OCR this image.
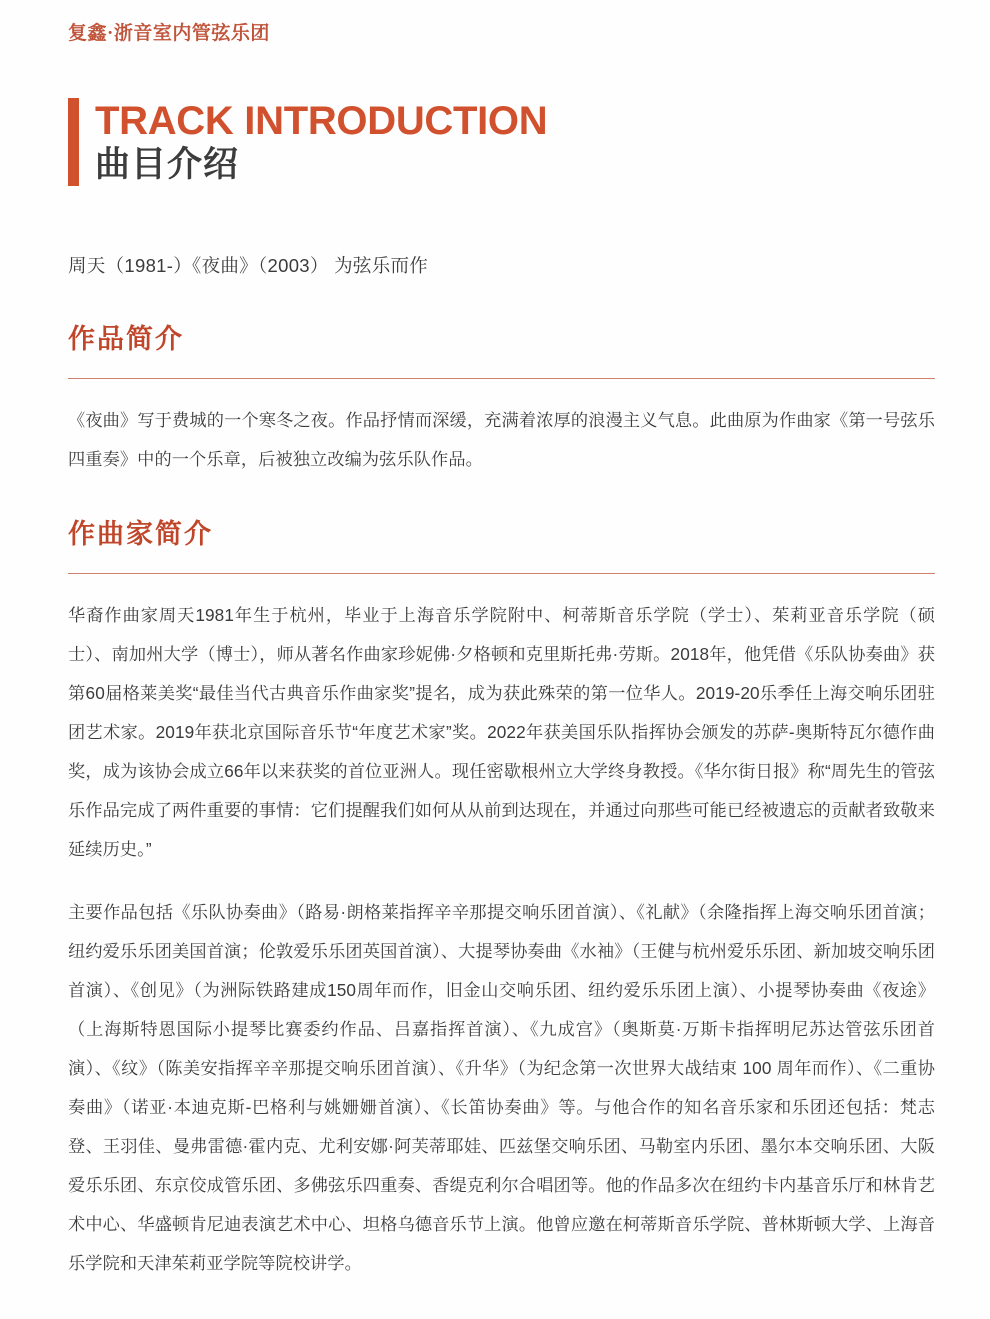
复鑫·浙音室内管弦乐团
TRACK INTRODUCTION
曲目介绍
周天（1981-）《夜曲》（2003） 为弦乐而作
作品简介

《夜曲》写于费城的一个寒冬之夜。作品抒情而深缓，充满着浓厚的浪漫主义气息。此曲原为作曲家《第一号弦乐四重奏》中的一个乐章，后被独立改编为弦乐队作品。

作曲家简介

华裔作曲家周天1981年生于杭州，毕业于上海音乐学院附中、柯蒂斯音乐学院（学士）、茱莉亚音乐学院（硕士）、南加州大学（博士），师从著名作曲家珍妮佛·夕格顿和克里斯托弗·劳斯。2018年，他凭借《乐队协奏曲》获第60届格莱美奖“最佳当代古典音乐作曲家奖”提名，成为获此殊荣的第一位华人。2019-20乐季任上海交响乐团驻团艺术家。2019年获北京国际音乐节“年度艺术家”奖。2022年获美国乐队指挥协会颁发的苏萨-奥斯特瓦尔德作曲奖，成为该协会成立66年以来获奖的首位亚洲人。现任密歇根州立大学终身教授。《华尔街日报》称“周先生的管弦乐作品完成了两件重要的事情：它们提醒我们如何从从前到达现在，并通过向那些可能已经被遗忘的贡献者致敬来延续历史。”

主要作品包括《乐队协奏曲》（路易·朗格莱指挥辛辛那提交响乐团首演）、《礼献》（余隆指挥上海交响乐团首演；纽约爱乐乐团美国首演；伦敦爱乐乐团英国首演）、大提琴协奏曲《水袖》（王健与杭州爱乐乐团、新加坡交响乐团首演）、《创见》（为洲际铁路建成150周年而作，旧金山交响乐团、纽约爱乐乐团上演）、小提琴协奏曲《夜途》（上海斯特恩国际小提琴比赛委约作品、吕嘉指挥首演）、《九成宫》（奥斯莫·万斯卡指挥明尼苏达管弦乐团首演）、《纹》（陈美安指挥辛辛那提交响乐团首演）、《升华》（为纪念第一次世界大战结束 100 周年而作）、《二重协奏曲》（诺亚·本迪克斯-巴格利与姚姗姗首演）、《长笛协奏曲》等。与他合作的知名音乐家和乐团还包括：梵志登、王羽佳、曼弗雷德·霍内克、尤利安娜·阿芙蒂耶娃、匹兹堡交响乐团、马勒室内乐团、墨尔本交响乐团、大阪爱乐乐团、东京佼成管乐团、多佛弦乐四重奏、香缇克利尔合唱团等。他的作品多次在纽约卡内基音乐厅和林肯艺术中心、华盛顿肯尼迪表演艺术中心、坦格乌德音乐节上演。他曾应邀在柯蒂斯音乐学院、普林斯顿大学、上海音乐学院和天津茱莉亚学院等院校讲学。
